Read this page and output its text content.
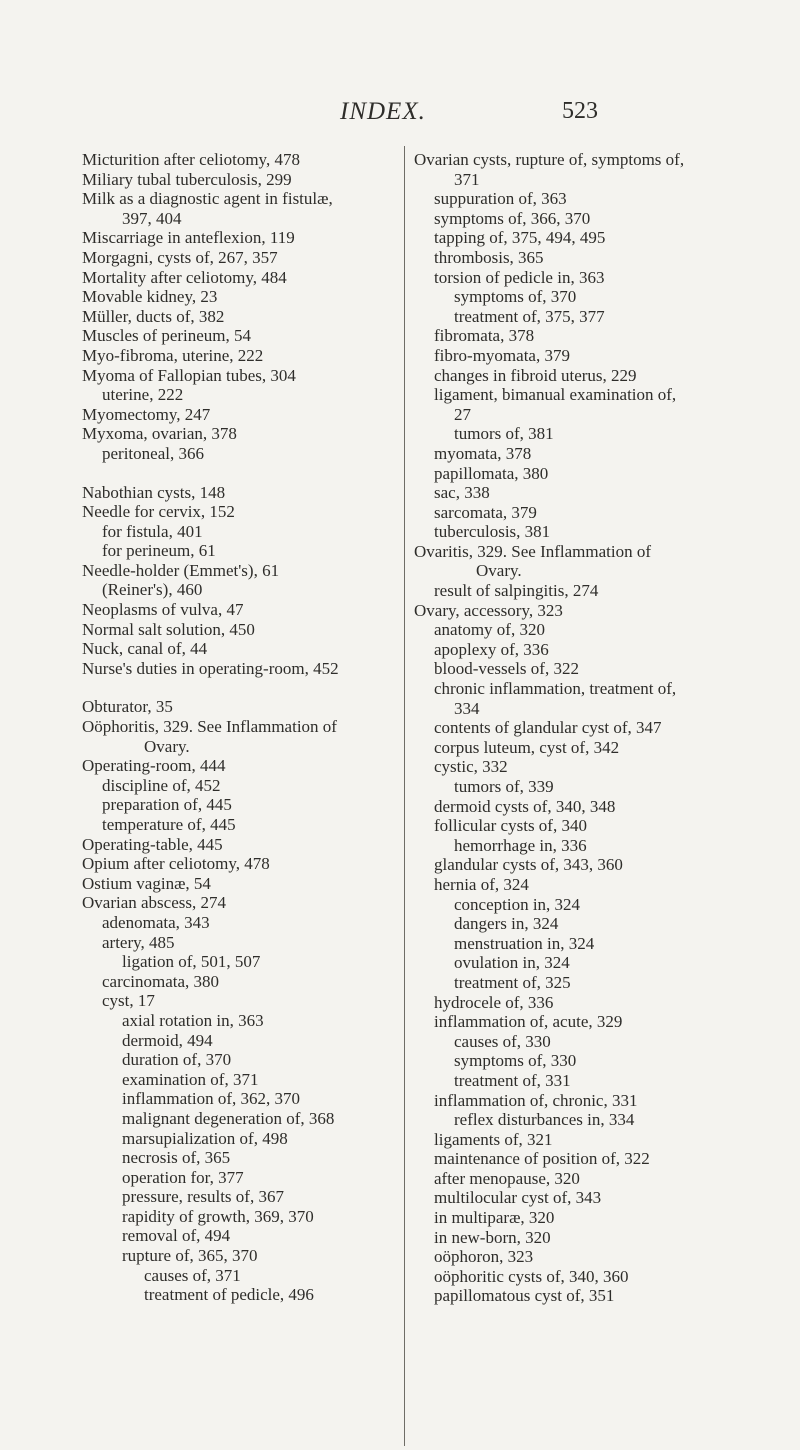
INDEX.	523
Micturition after celiotomy, 478
Miliary tubal tuberculosis, 299
Milk as a diagnostic agent in fistulæ,
397, 404
Miscarriage in anteflexion, 119
Morgagni, cysts of, 267, 357
Mortality after celiotomy, 484
Movable kidney, 23
Müller, ducts of, 382
Muscles of perineum, 54
Myo-fibroma, uterine, 222
Myoma of Fallopian tubes, 304
uterine, 222
Myomectomy, 247
Myxoma, ovarian, 378
peritoneal, 366
Nabothian cysts, 148
Needle for cervix, 152
for fistula, 401
for perineum, 61
Needle-holder (Emmet's), 61
(Reiner's), 460
Neoplasms of vulva, 47
Normal salt solution, 450
Nuck, canal of, 44
Nurse's duties in operating-room, 452
Obturator, 35
Oöphoritis, 329. See Inflammation of
Ovary.
Operating-room, 444
discipline of, 452
preparation of, 445
temperature of, 445
Operating-table, 445
Opium after celiotomy, 478
Ostium vaginæ, 54
Ovarian abscess, 274
adenomata, 343
artery, 485
ligation of, 501, 507
carcinomata, 380
cyst, 17
axial rotation in, 363
dermoid, 494
duration of, 370
examination of, 371
inflammation of, 362, 370
malignant degeneration of, 368
marsupialization of, 498
necrosis of, 365
operation for, 377
pressure, results of, 367
rapidity of growth, 369, 370
removal of, 494
rupture of, 365, 370
causes of, 371
treatment of pedicle, 496
Ovarian cysts, rupture of, symptoms of,
371
suppuration of, 363
symptoms of, 366, 370
tapping of, 375, 494, 495
thrombosis, 365
torsion of pedicle in, 363
symptoms of, 370
treatment of, 375, 377
fibromata, 378
fibro-myomata, 379
changes in fibroid uterus, 229
ligament, bimanual examination of,
27
tumors of, 381
myomata, 378
papillomata, 380
sac, 338
sarcomata, 379
tuberculosis, 381
Ovaritis, 329. See Inflammation of
Ovary.
result of salpingitis, 274
Ovary, accessory, 323
anatomy of, 320
apoplexy of, 336
blood-vessels of, 322
chronic inflammation, treatment of,
334
contents of glandular cyst of, 347
corpus luteum, cyst of, 342
cystic, 332
tumors of, 339
dermoid cysts of, 340, 348
follicular cysts of, 340
hemorrhage in, 336
glandular cysts of, 343, 360
hernia of, 324
conception in, 324
dangers in, 324
menstruation in, 324
ovulation in, 324
treatment of, 325
hydrocele of, 336
inflammation of, acute, 329
causes of, 330
symptoms of, 330
treatment of, 331
inflammation of, chronic, 331
reflex disturbances in, 334
ligaments of, 321
maintenance of position of, 322
after menopause, 320
multilocular cyst of, 343
in multiparæ, 320
in new-born, 320
oöphoron, 323
oöphoritic cysts of, 340, 360
papillomatous cyst of, 351
